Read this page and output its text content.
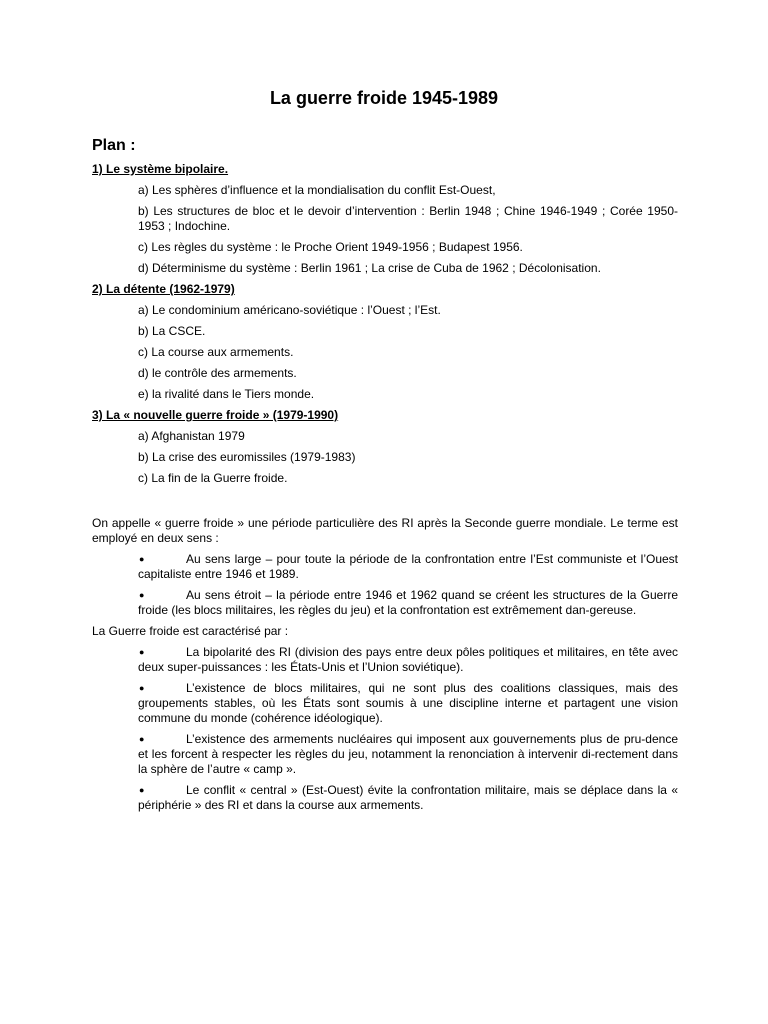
La guerre froide 1945-1989
Plan :
1) Le système bipolaire.
a) Les sphères d’influence et la mondialisation du conflit Est-Ouest,
b) Les structures de bloc et le devoir d’intervention : Berlin 1948 ; Chine 1946-1949 ; Corée 1950-1953 ; Indochine.
c) Les règles du système : le Proche Orient 1949-1956 ; Budapest 1956.
d) Déterminisme du système : Berlin 1961 ; La crise de Cuba de 1962 ; Décolonisation.
2) La détente (1962-1979)
a) Le condominium américano-soviétique : l’Ouest ; l’Est.
b) La CSCE.
c) La course aux armements.
d) le contrôle des armements.
e) la rivalité dans le Tiers monde.
3) La « nouvelle guerre froide » (1979-1990)
a) Afghanistan 1979
b) La crise des euromissiles (1979-1983)
c) La fin de la Guerre froide.
On appelle « guerre froide » une période particulière des RI après la Seconde guerre mondiale. Le terme est employé en deux sens :
●	Au sens large – pour toute la période de la confrontation entre l’Est communiste et l’Ouest capitaliste entre 1946 et 1989.
●	Au sens étroit – la période entre 1946 et 1962 quand se créent les structures de la Guerre froide (les blocs militaires, les règles du jeu) et la confrontation est extrêmement dan-gereuse.
La Guerre froide est caractérisé par :
●	La bipolarité des RI (division des pays entre deux pôles politiques et militaires, en tête avec deux super-puissances : les États-Unis et l’Union soviétique).
●	L’existence de blocs militaires, qui ne sont plus des coalitions classiques, mais des groupements stables, où les États sont soumis à une discipline interne et partagent une vision commune du monde (cohérence idéologique).
●	L’existence des armements nucléaires qui imposent aux gouvernements plus de pru-dence et les forcent à respecter les règles du jeu, notamment la renonciation à intervenir di-rectement dans la sphère de l’autre « camp ».
●	Le conflit « central » (Est-Ouest) évite la confrontation militaire, mais se déplace dans la « périphérie » des RI et dans la course aux armements.
